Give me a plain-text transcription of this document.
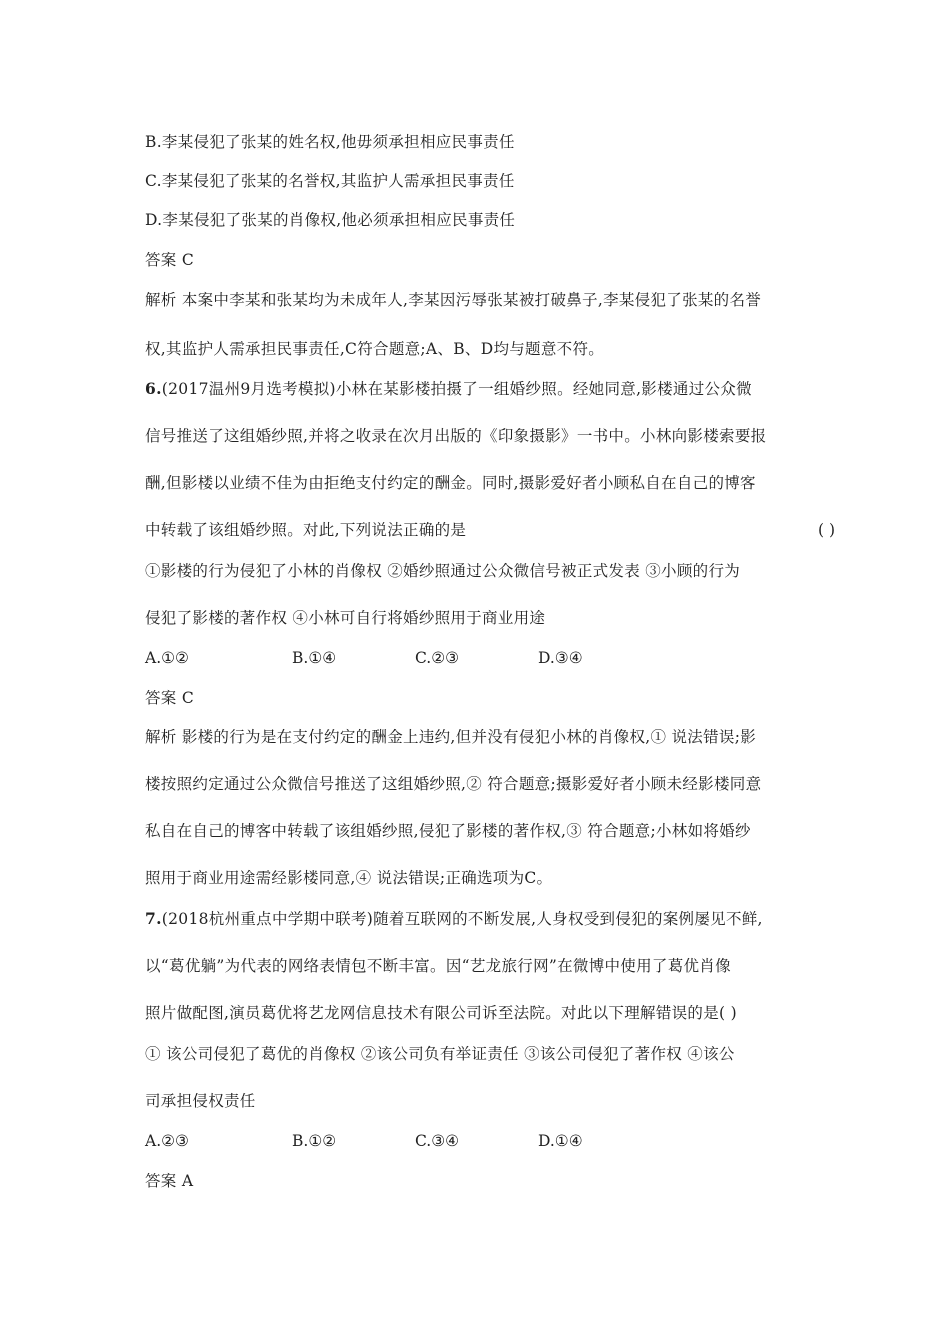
B.李某侵犯了张某的姓名权,他毋须承担相应民事责任
C.李某侵犯了张某的名誉权,其监护人需承担民事责任
D.李某侵犯了张某的肖像权,他必须承担相应民事责任
答案 C
解析 本案中李某和张某均为未成年人,李某因污辱张某被打破鼻子,李某侵犯了张某的名誉
权,其监护人需承担民事责任,C符合题意;A、B、D均与题意不符。
6.(2017温州9月选考模拟)小林在某影楼拍摄了一组婚纱照。经她同意,影楼通过公众微
信号推送了这组婚纱照,并将之收录在次月出版的《印象摄影》一书中。小林向影楼索要报
酬,但影楼以业绩不佳为由拒绝支付约定的酬金。同时,摄影爱好者小顾私自在自己的博客
中转载了该组婚纱照。对此,下列说法正确的是	( )
①影楼的行为侵犯了小林的肖像权 ②婚纱照通过公众微信号被正式发表 ③小顾的行为
侵犯了影楼的著作权 ④小林可自行将婚纱照用于商业用途
A.①②	B.①④	C.②③	D.③④
答案 C
解析 影楼的行为是在支付约定的酬金上违约,但并没有侵犯小林的肖像权,① 说法错误;影
楼按照约定通过公众微信号推送了这组婚纱照,② 符合题意;摄影爱好者小顾未经影楼同意
私自在自己的博客中转载了该组婚纱照,侵犯了影楼的著作权,③ 符合题意;小林如将婚纱
照用于商业用途需经影楼同意,④ 说法错误;正确选项为C。
7.(2018杭州重点中学期中联考)随着互联网的不断发展,人身权受到侵犯的案例屡见不鲜,
以“葛优躺”为代表的网络表情包不断丰富。因“艺龙旅行网”在微博中使用了葛优肖像
照片做配图,演员葛优将艺龙网信息技术有限公司诉至法院。对此以下理解错误的是( )
① 该公司侵犯了葛优的肖像权 ②该公司负有举证责任 ③该公司侵犯了著作权 ④该公
司承担侵权责任
A.②③	B.①②	C.③④	D.①④
答案 A
